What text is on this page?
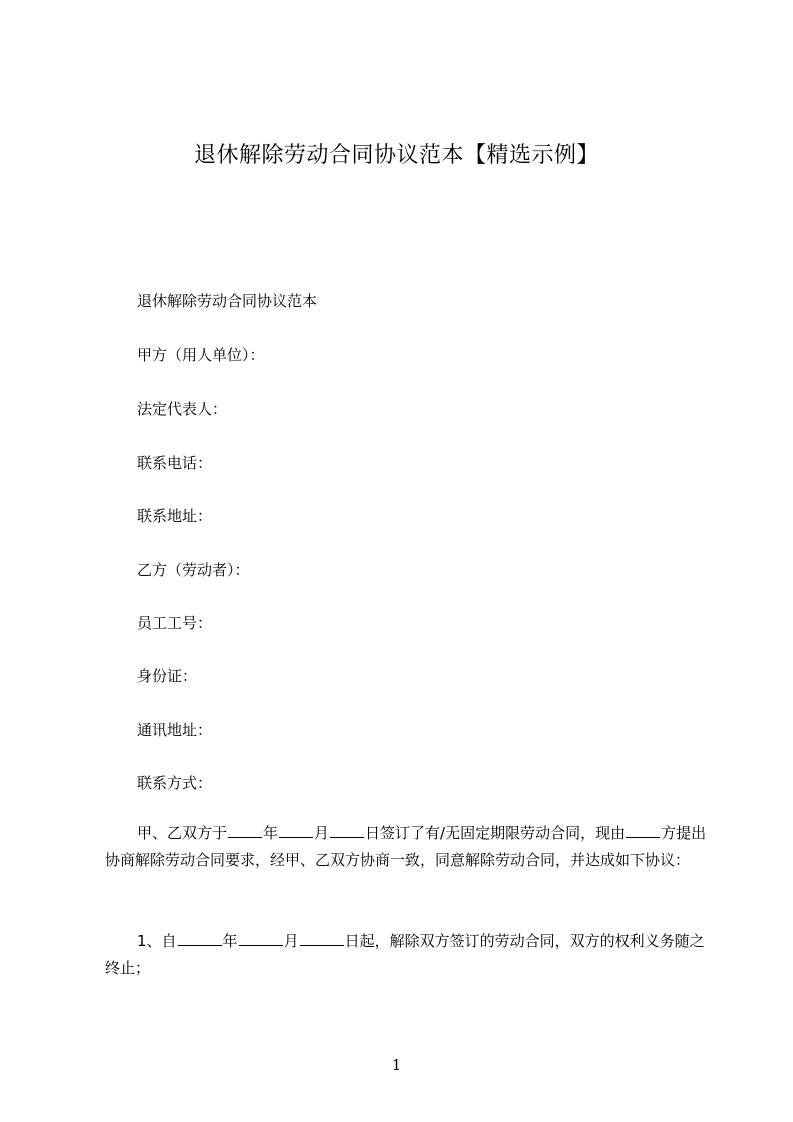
退休解除劳动合同协议范本【精选示例】
退休解除劳动合同协议范本
甲方（用人单位）：
法定代表人：
联系电话：
联系地址：
乙方（劳动者）：
员工工号：
身份证：
通讯地址：
联系方式：
甲、乙双方于 年 月 日签订了有/无固定期限劳动合同，现由 方提出协商解除劳动合同要求，经甲、乙双方协商一致，同意解除劳动合同，并达成如下协议：
1、自	年	月	日起，解除双方签订的劳动合同，双方的权利义务随之终止；
1
